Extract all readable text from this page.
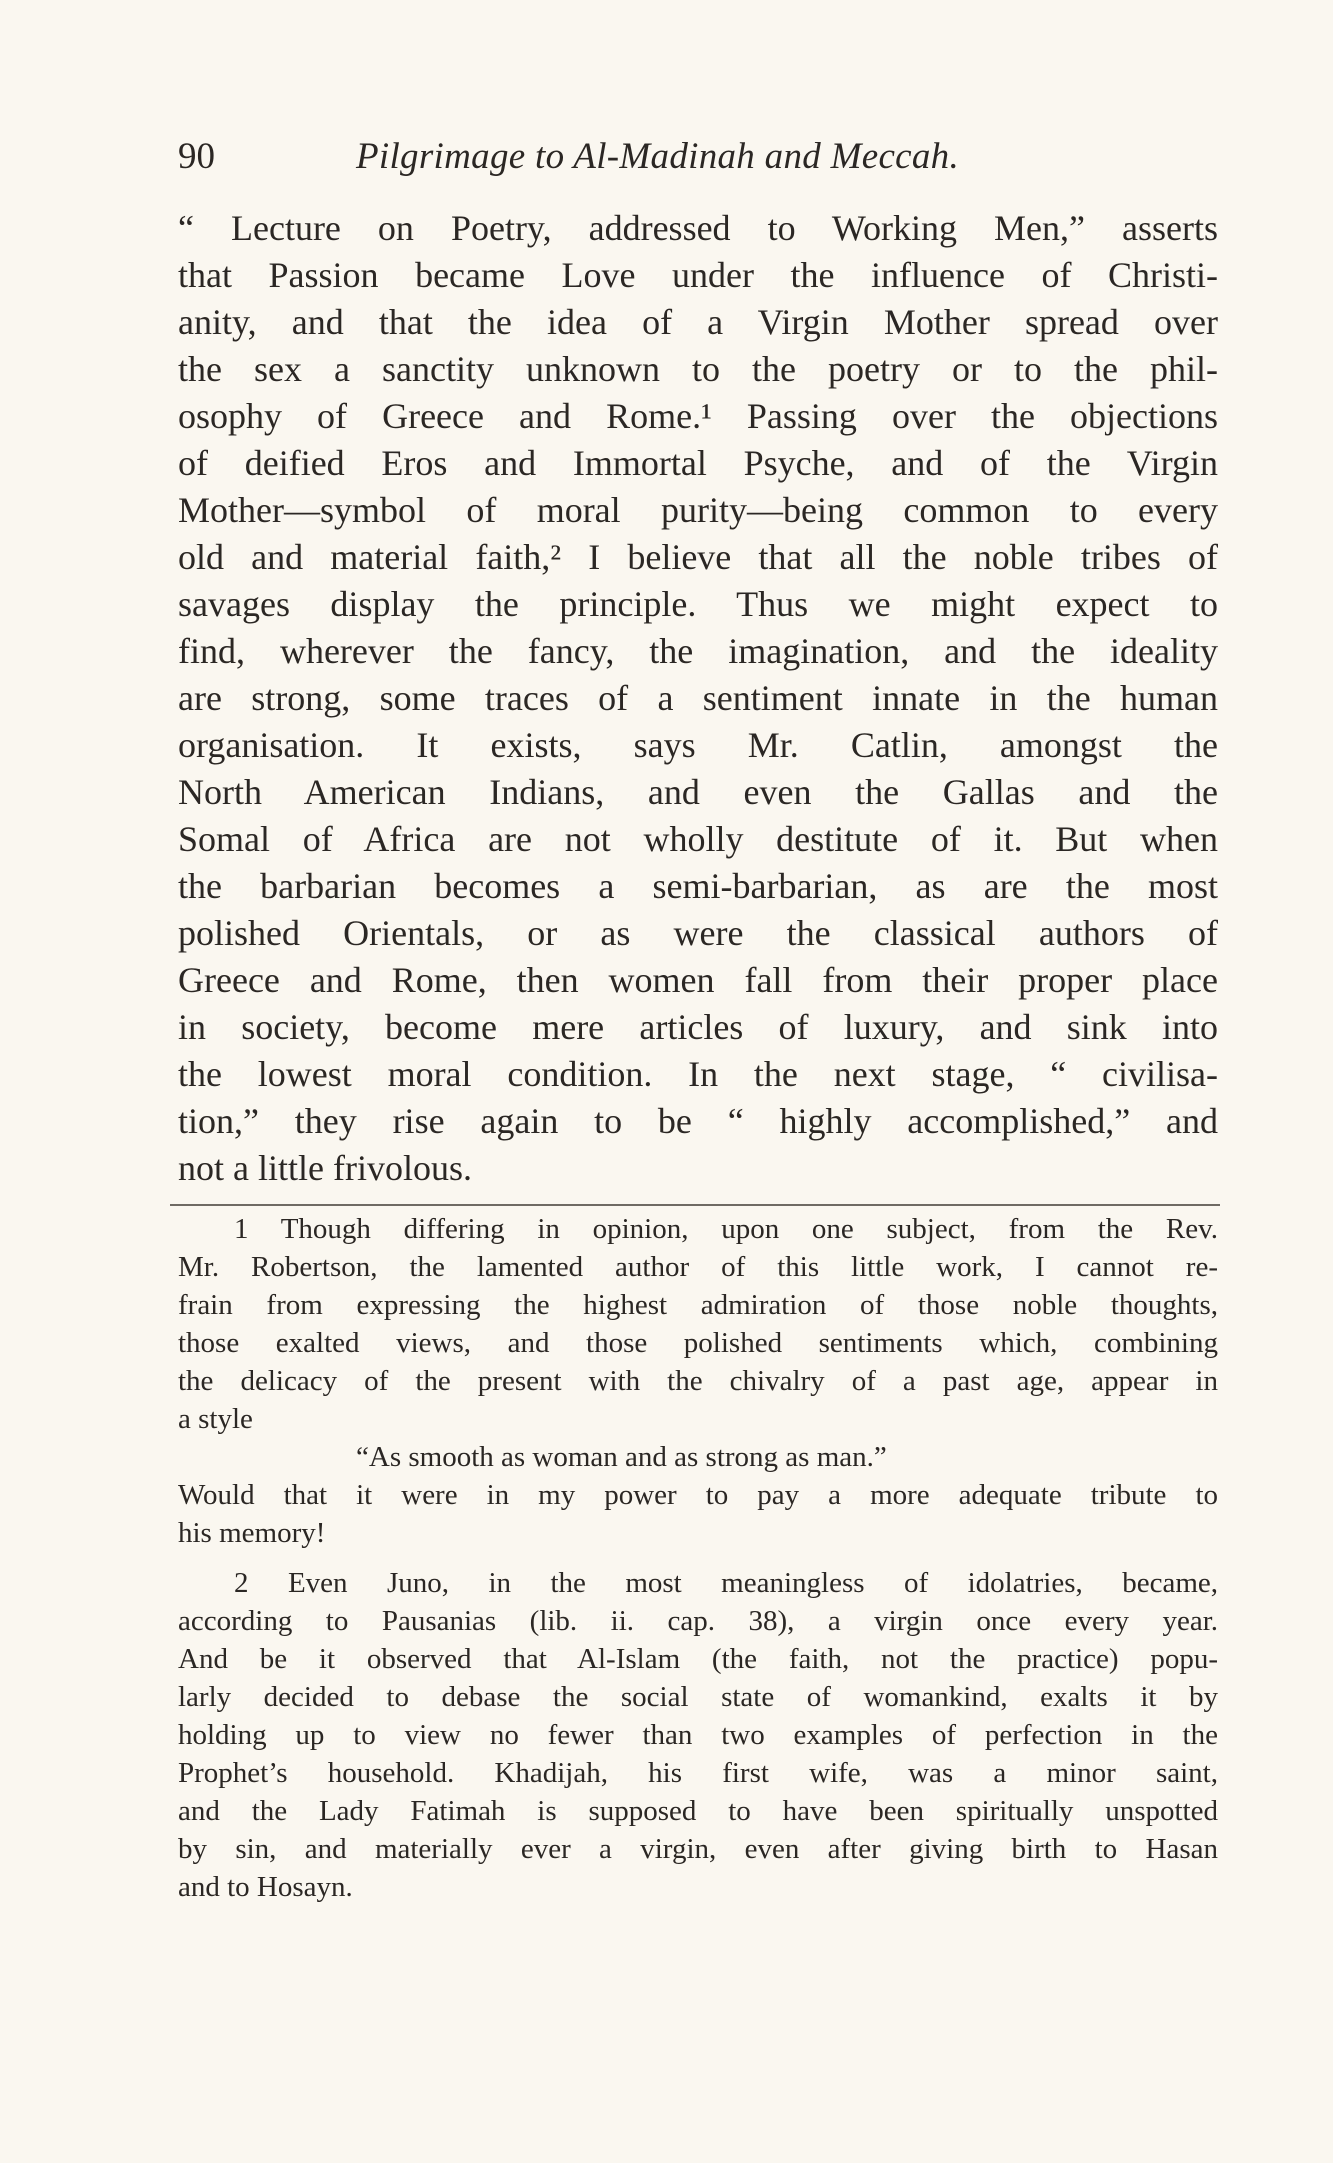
90	Pilgrimage to Al-Madinah and Meccah.
“ Lecture on Poetry, addressed to Working Men,” asserts
that Passion became Love under the influence of Christi-
anity, and that the idea of a Virgin Mother spread over
the sex a sanctity unknown to the poetry or to the phil-
osophy of Greece and Rome.¹ Passing over the objections
of deified Eros and Immortal Psyche, and of the Virgin
Mother—symbol of moral purity—being common to every
old and material faith,² I believe that all the noble tribes of
savages display the principle. Thus we might expect to
find, wherever the fancy, the imagination, and the ideality
are strong, some traces of a sentiment innate in the human
organisation. It exists, says Mr. Catlin, amongst the
North American Indians, and even the Gallas and the
Somal of Africa are not wholly destitute of it. But when
the barbarian becomes a semi-barbarian, as are the most
polished Orientals, or as were the classical authors of
Greece and Rome, then women fall from their proper place
in society, become mere articles of luxury, and sink into
the lowest moral condition. In the next stage, “ civilisa-
tion,” they rise again to be “ highly accomplished,” and
not a little frivolous.
1 Though differing in opinion, upon one subject, from the Rev.
Mr. Robertson, the lamented author of this little work, I cannot re-
frain from expressing the highest admiration of those noble thoughts,
those exalted views, and those polished sentiments which, combining
the delicacy of the present with the chivalry of a past age, appear in
a style
“As smooth as woman and as strong as man.”
Would that it were in my power to pay a more adequate tribute to
his memory!
2 Even Juno, in the most meaningless of idolatries, became,
according to Pausanias (lib. ii. cap. 38), a virgin once every year.
And be it observed that Al-Islam (the faith, not the practice) popu-
larly decided to debase the social state of womankind, exalts it by
holding up to view no fewer than two examples of perfection in the
Prophet’s household. Khadijah, his first wife, was a minor saint,
and the Lady Fatimah is supposed to have been spiritually unspotted
by sin, and materially ever a virgin, even after giving birth to Hasan
and to Hosayn.
